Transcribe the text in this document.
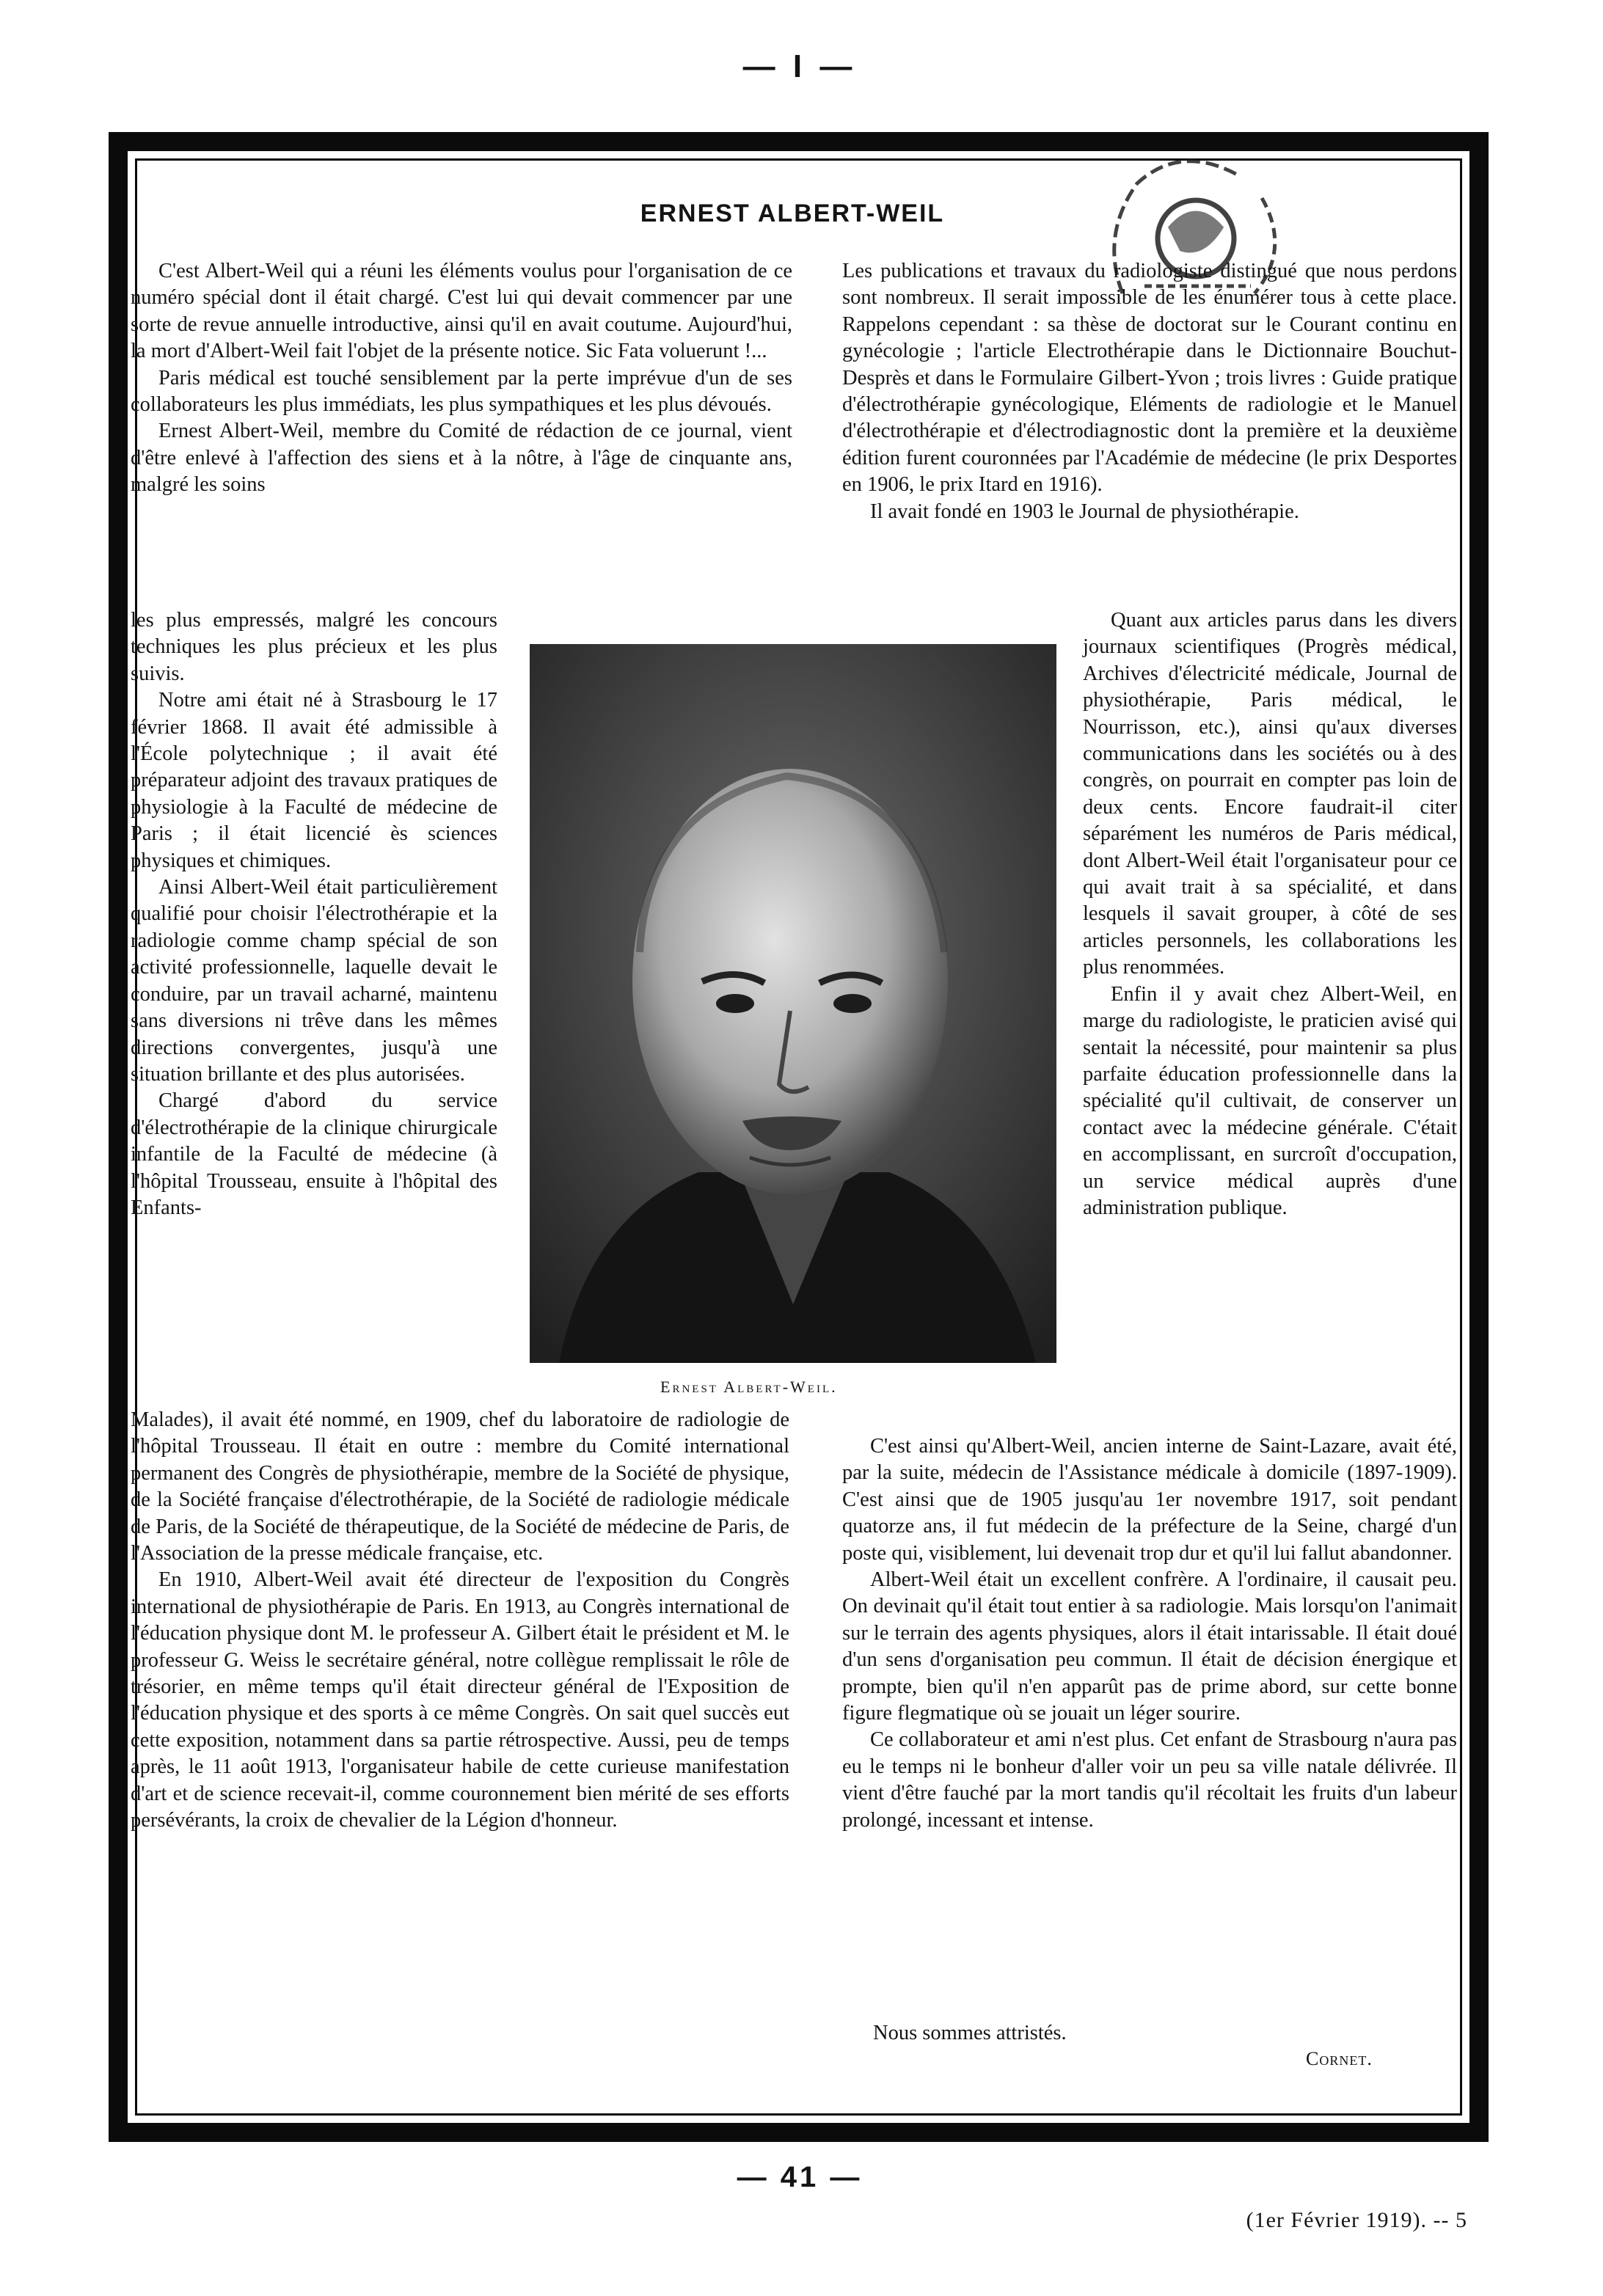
— I —
ERNEST ALBERT-WEIL

C'est Albert-Weil qui a réuni les éléments voulus pour l'organisation de ce numéro spécial dont il était chargé. C'est lui qui devait commencer par une sorte de revue annuelle introductive, ainsi qu'il en avait coutume. Aujourd'hui, la mort d'Albert-Weil fait l'objet de la présente notice. Sic Fata voluerunt !...

Paris médical est touché sensiblement par la perte imprévue d'un de ses collaborateurs les plus immédiats, les plus sympathiques et les plus dévoués.

Ernest Albert-Weil, membre du Comité de rédaction de ce journal, vient d'être enlevé à l'affection des siens et à la nôtre, à l'âge de cinquante ans, malgré les soins

les plus empressés, malgré les concours techniques les plus précieux et les plus suivis.

Notre ami était né à Strasbourg le 17 février 1868. Il avait été admissible à l'École polytechnique ; il avait été préparateur adjoint des travaux pratiques de physiologie à la Faculté de médecine de Paris ; il était licencié ès sciences physiques et chimiques.

Ainsi Albert-Weil était particulièrement qualifié pour choisir l'électrothérapie et la radiologie comme champ spécial de son activité professionnelle, laquelle devait le conduire, par un travail acharné, maintenu sans diversions ni trêve dans les mêmes directions convergentes, jusqu'à une situation brillante et des plus autorisées.

Chargé d'abord du service d'électrothérapie de la clinique chirurgicale infantile de la Faculté de médecine (à l'hôpital Trousseau, ensuite à l'hôpital des Enfants-

Malades), il avait été nommé, en 1909, chef du laboratoire de radiologie de l'hôpital Trousseau. Il était en outre : membre du Comité international permanent des Congrès de physiothérapie, membre de la Société de physique, de la Société française d'électrothérapie, de la Société de radiologie médicale de Paris, de la Société de thérapeutique, de la Société de médecine de Paris, de l'Association de la presse médicale française, etc.

En 1910, Albert-Weil avait été directeur de l'exposition du Congrès international de physiothérapie de Paris. En 1913, au Congrès international de l'éducation physique dont M. le professeur A. Gilbert était le président et M. le professeur G. Weiss le secrétaire général, notre collègue remplissait le rôle de trésorier, en même temps qu'il était directeur général de l'Exposition de l'éducation physique et des sports à ce même Congrès. On sait quel succès eut cette exposition, notamment dans sa partie rétrospective. Aussi, peu de temps après, le 11 août 1913, l'organisateur habile de cette curieuse manifestation d'art et de science recevait-il, comme couronnement bien mérité de ses efforts persévérants, la croix de chevalier de la Légion d'honneur.

Ernest Albert-Weil.

Les publications et travaux du radiologiste distingué que nous perdons sont nombreux. Il serait impossible de les énumérer tous à cette place. Rappelons cependant : sa thèse de doctorat sur le Courant continu en gynécologie ; l'article Electrothérapie dans le Dictionnaire Bouchut-Desprès et dans le Formulaire Gilbert-Yvon ; trois livres : Guide pratique d'électrothérapie gynécologique, Eléments de radiologie et le Manuel d'électrothérapie et d'électrodiagnostic dont la première et la deuxième édition furent couronnées par l'Académie de médecine (le prix Desportes en 1906, le prix Itard en 1916).

Il avait fondé en 1903 le Journal de physiothérapie.

Quant aux articles parus dans les divers journaux scientifiques (Progrès médical, Archives d'électricité médicale, Journal de physiothérapie, Paris médical, le Nourrisson, etc.), ainsi qu'aux diverses communications dans les sociétés ou à des congrès, on pourrait en compter pas loin de deux cents. Encore faudrait-il citer séparément les numéros de Paris médical, dont Albert-Weil était l'organisateur pour ce qui avait trait à sa spécialité, et dans lesquels il savait grouper, à côté de ses articles personnels, les collaborations les plus renommées.

Enfin il y avait chez Albert-Weil, en marge du radiologiste, le praticien avisé qui sentait la nécessité, pour maintenir sa plus parfaite éducation professionnelle dans la spécialité qu'il cultivait, de conserver un contact avec la médecine générale. C'était en accomplissant, en surcroît d'occupation, un service médical auprès d'une administration publique.

C'est ainsi qu'Albert-Weil, ancien interne de Saint-Lazare, avait été, par la suite, médecin de l'Assistance médicale à domicile (1897-1909). C'est ainsi que de 1905 jusqu'au 1er novembre 1917, soit pendant quatorze ans, il fut médecin de la préfecture de la Seine, chargé d'un poste qui, visiblement, lui devenait trop dur et qu'il lui fallut abandonner.

Albert-Weil était un excellent confrère. A l'ordinaire, il causait peu. On devinait qu'il était tout entier à sa radiologie. Mais lorsqu'on l'animait sur le terrain des agents physiques, alors il était intarissable. Il était doué d'un sens d'organisation peu commun. Il était de décision énergique et prompte, bien qu'il n'en apparût pas de prime abord, sur cette bonne figure flegmatique où se jouait un léger sourire.

Ce collaborateur et ami n'est plus. Cet enfant de Strasbourg n'aura pas eu le temps ni le bonheur d'aller voir un peu sa ville natale délivrée. Il vient d'être fauché par la mort tandis qu'il récoltait les fruits d'un labeur prolongé, incessant et intense.

Nous sommes attristés.
Cornet.
— 41 —
(1er Février 1919). -- 5
